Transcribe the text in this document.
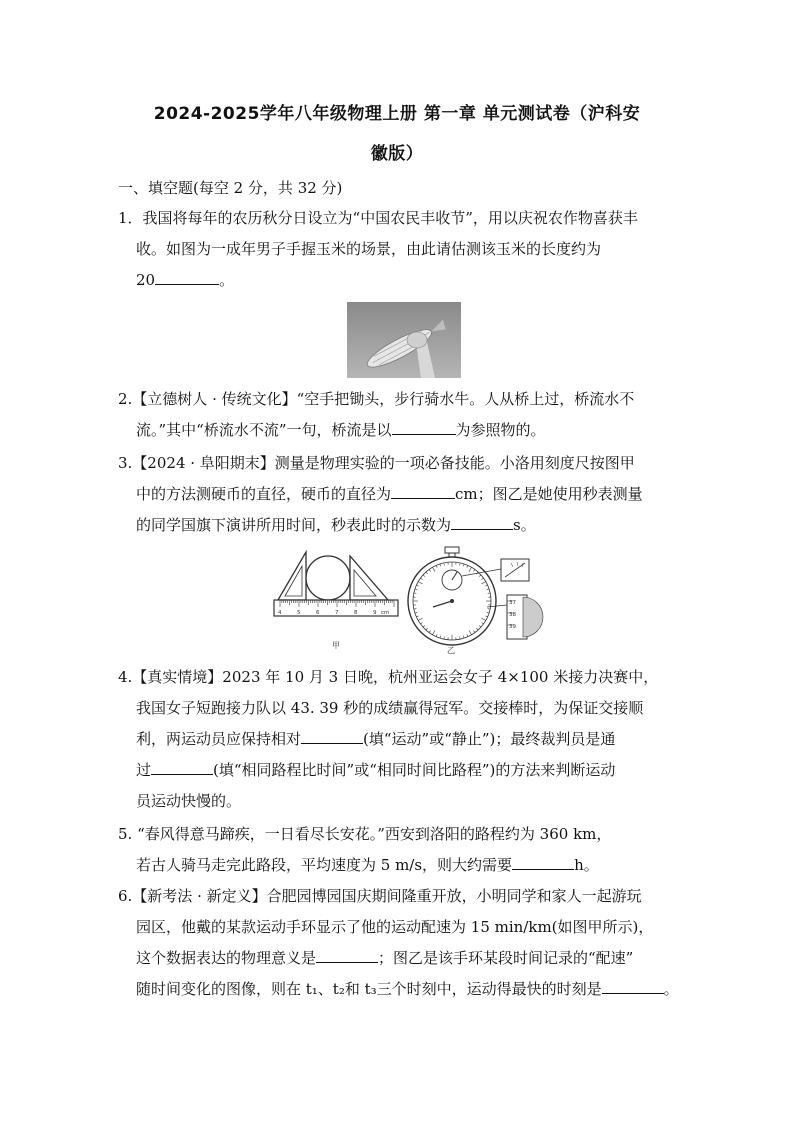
2024-2025学年八年级物理上册 第一章 单元测试卷（沪科安
徽版）
一、填空题(每空 2 分，共 32 分)
1．我国将每年的农历秋分日设立为“中国农民丰收节”，用以庆祝农作物喜获丰
收。如图为一成年男子手握玉米的场景，由此请估测该玉米的长度约为
20	。
2.【立德树人 · 传统文化】“空手把锄头，步行骑水牛。人从桥上过，桥流水不
流。”其中“桥流水不流”一句，桥流是以	为参照物的。
3.【2024 · 阜阳期末】测量是物理实验的一项必备技能。小洛用刻度尺按图甲
中的方法测硬币的直径，硬币的直径为	cm；图乙是她使用秒表测量
的同学国旗下演讲所用时间，秒表此时的示数为	s。
4	5	6	7	8	9 cm
甲
37
38
39
乙
4.【真实情境】2023 年 10 月 3 日晚，杭州亚运会女子 4×100 米接力决赛中，
我国女子短跑接力队以 43. 39 秒的成绩赢得冠军。交接棒时，为保证交接顺
利，两运动员应保持相对	(填“运动”或“静止”)；最终裁判员是通
过	(填“相同路程比时间”或“相同时间比路程”)的方法来判断运动
员运动快慢的。
5. “春风得意马蹄疾，一日看尽长安花。”西安到洛阳的路程约为 360 km，
若古人骑马走完此路段，平均速度为 5 m/s，则大约需要	h。
6.【新考法 · 新定义】合肥园博园国庆期间隆重开放，小明同学和家人一起游玩
园区，他戴的某款运动手环显示了他的运动配速为 15 min/km(如图甲所示)，
这个数据表达的物理意义是	；图乙是该手环某段时间记录的“配速”
随时间变化的图像，则在 t₁、t₂和 t₃三个时刻中，运动得最快的时刻是	。
